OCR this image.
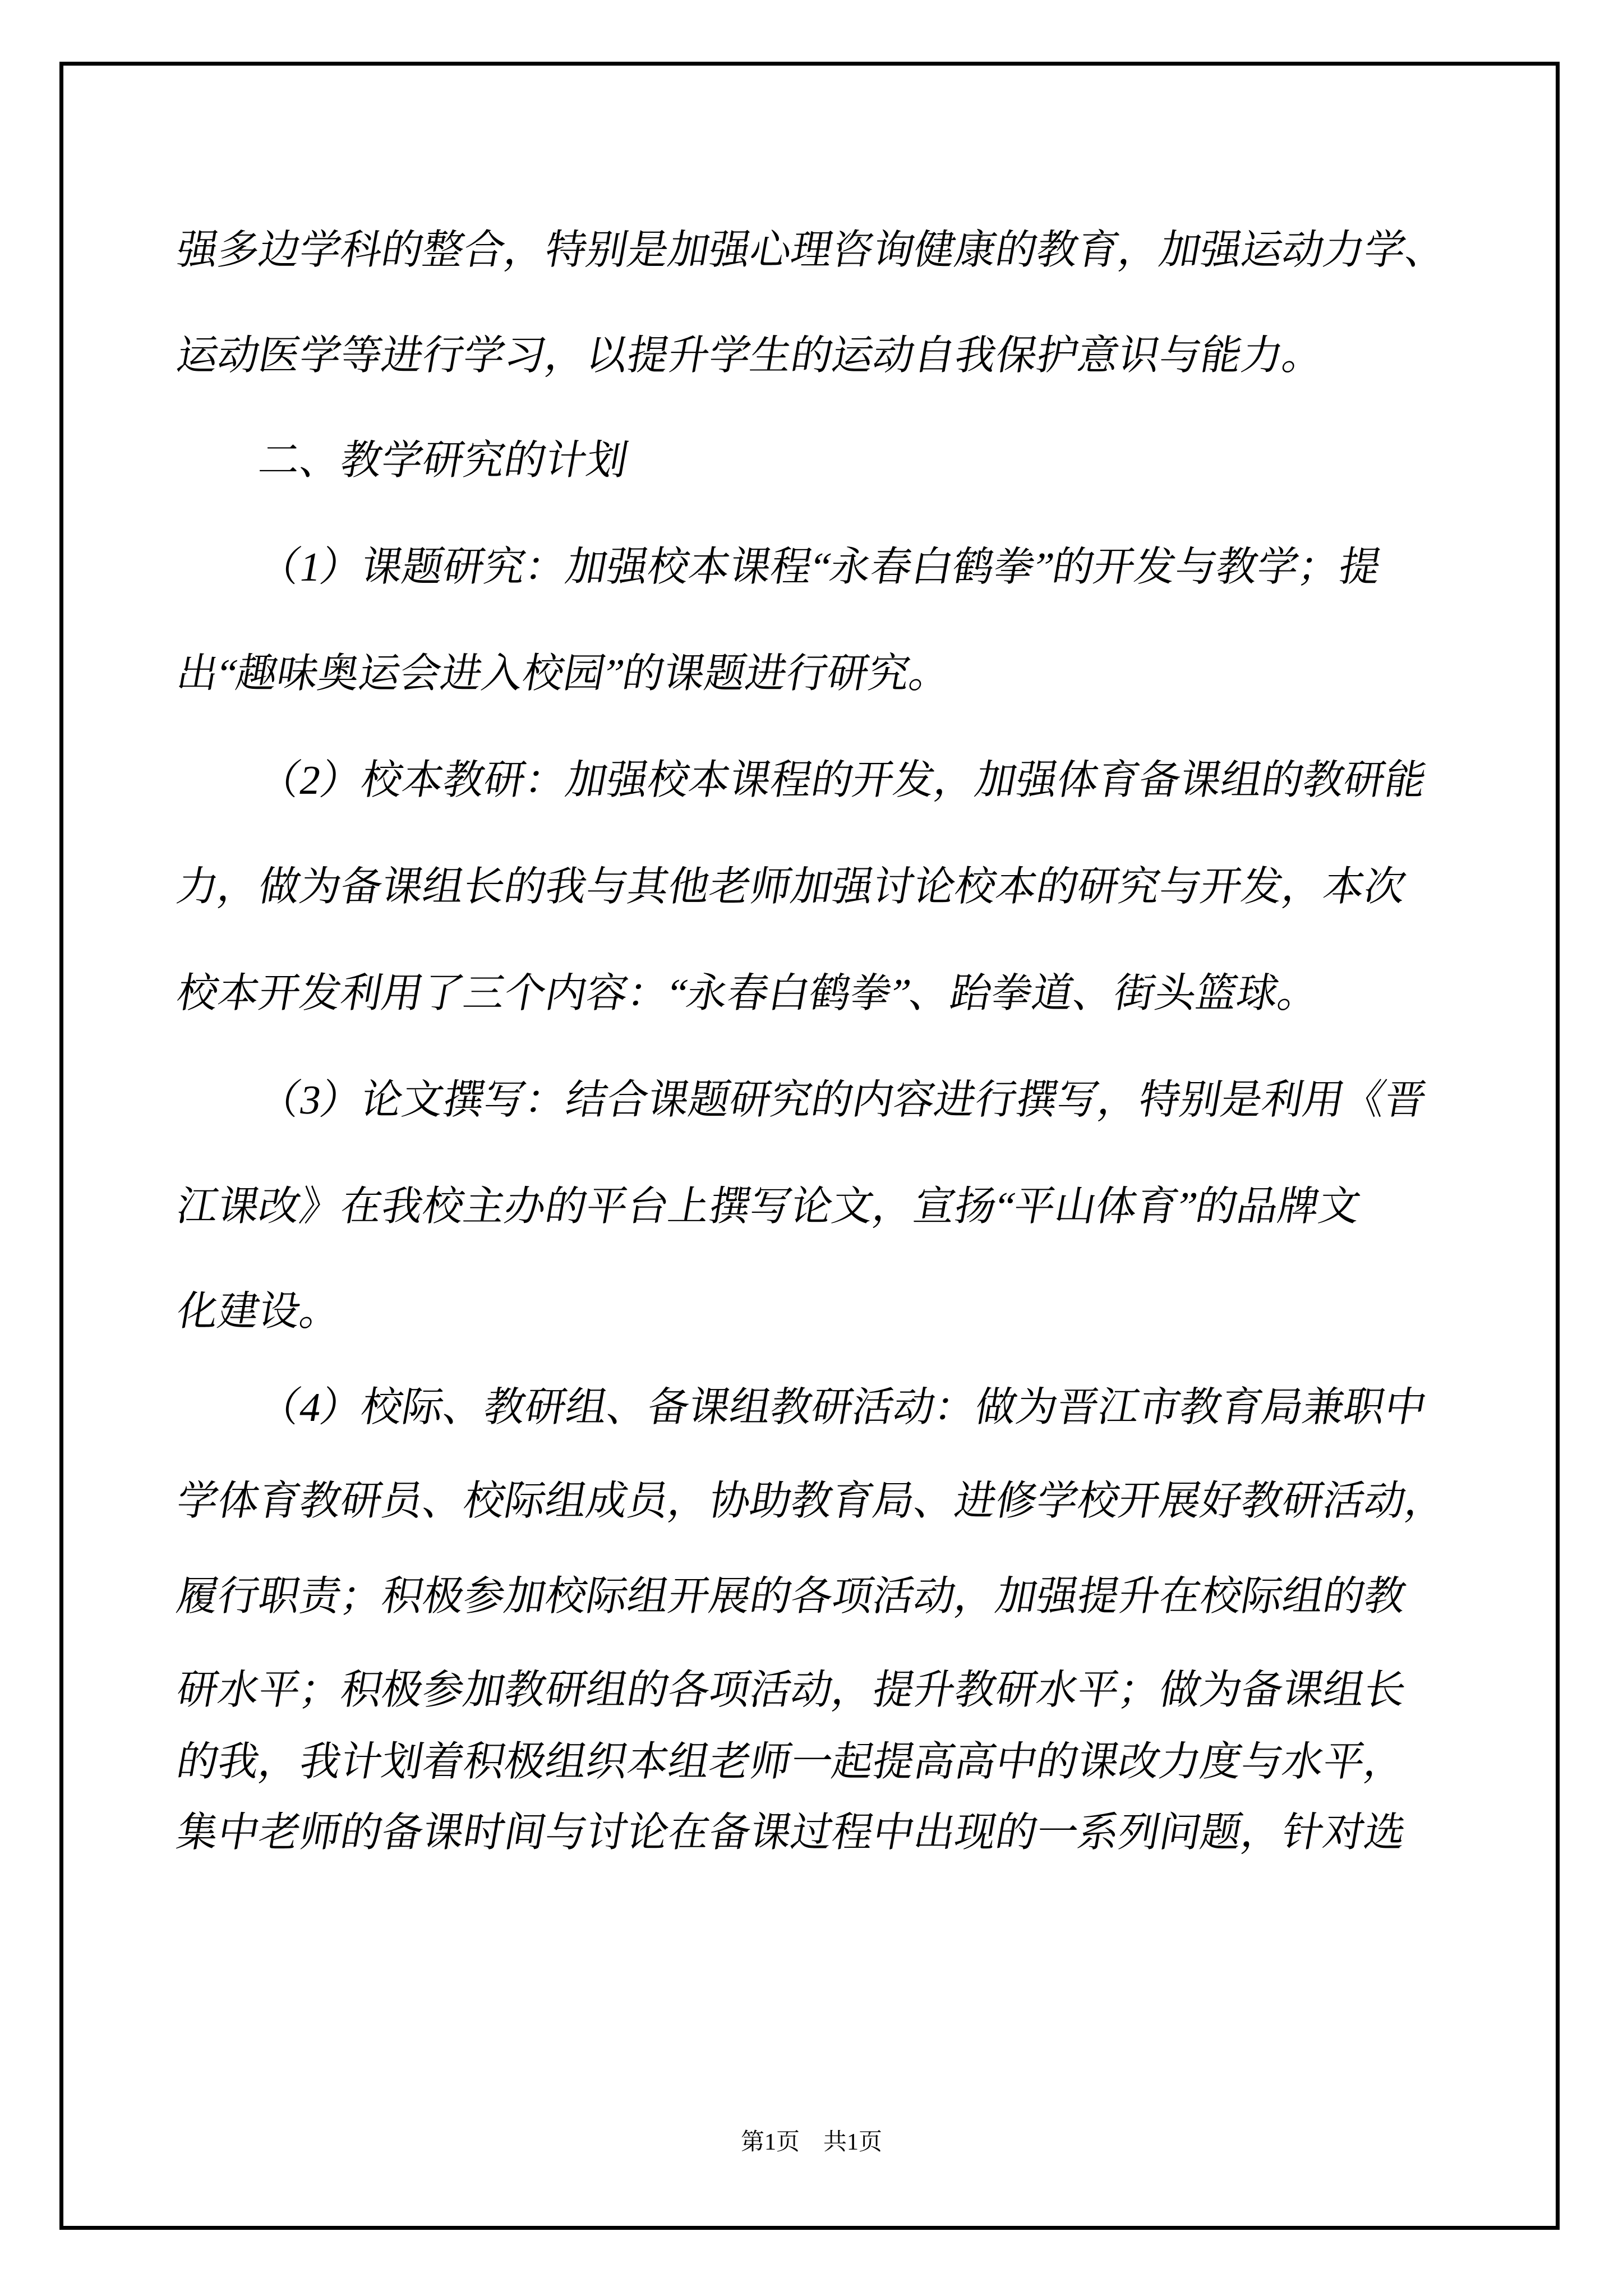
强多边学科的整合，特别是加强心理咨询健康的教育，加强运动力学、
运动医学等进行学习，以提升学生的运动自我保护意识与能力。
二、教学研究的计划
（1）课题研究：加强校本课程“永春白鹤拳”的开发与教学；提
出“趣味奥运会进入校园”的课题进行研究。
（2）校本教研：加强校本课程的开发，加强体育备课组的教研能
力，做为备课组长的我与其他老师加强讨论校本的研究与开发，本次
校本开发利用了三个内容：“永春白鹤拳”、跆拳道、街头篮球。
（3）论文撰写：结合课题研究的内容进行撰写，特别是利用《晋
江课改》在我校主办的平台上撰写论文，宣扬“平山体育”的品牌文
化建设。
（4）校际、教研组、备课组教研活动：做为晋江市教育局兼职中
学体育教研员、校际组成员，协助教育局、进修学校开展好教研活动，
履行职责；积极参加校际组开展的各项活动，加强提升在校际组的教
研水平；积极参加教研组的各项活动，提升教研水平；做为备课组长
的我，我计划着积极组织本组老师一起提高高中的课改力度与水平，
集中老师的备课时间与讨论在备课过程中出现的一系列问题，针对选
第1页　共1页
